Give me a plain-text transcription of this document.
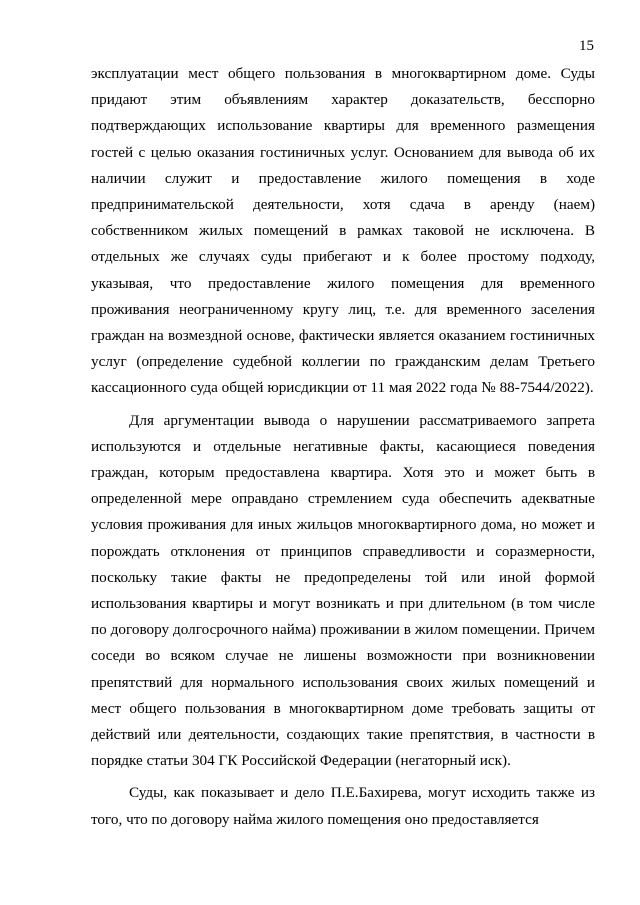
15

эксплуатации мест общего пользования в многоквартирном доме. Суды придают этим объявлениям характер доказательств, бесспорно подтверждающих использование квартиры для временного размещения гостей с целью оказания гостиничных услуг. Основанием для вывода об их наличии служит и предоставление жилого помещения в ходе предпринимательской деятельности, хотя сдача в аренду (наем) собственником жилых помещений в рамках таковой не исключена. В отдельных же случаях суды прибегают и к более простому подходу, указывая, что предоставление жилого помещения для временного проживания неограниченному кругу лиц, т.е. для временного заселения граждан на возмездной основе, фактически является оказанием гостиничных услуг (определение судебной коллегии по гражданским делам Третьего кассационного суда общей юрисдикции от 11 мая 2022 года № 88-7544/2022).

Для аргументации вывода о нарушении рассматриваемого запрета используются и отдельные негативные факты, касающиеся поведения граждан, которым предоставлена квартира. Хотя это и может быть в определенной мере оправдано стремлением суда обеспечить адекватные условия проживания для иных жильцов многоквартирного дома, но может и порождать отклонения от принципов справедливости и соразмерности, поскольку такие факты не предопределены той или иной формой использования квартиры и могут возникать и при длительном (в том числе по договору долгосрочного найма) проживании в жилом помещении. Причем соседи во всяком случае не лишены возможности при возникновении препятствий для нормального использования своих жилых помещений и мест общего пользования в многоквартирном доме требовать защиты от действий или деятельности, создающих такие препятствия, в частности в порядке статьи 304 ГК Российской Федерации (негаторный иск).

Суды, как показывает и дело П.Е.Бахирева, могут исходить также из того, что по договору найма жилого помещения оно предоставляется
